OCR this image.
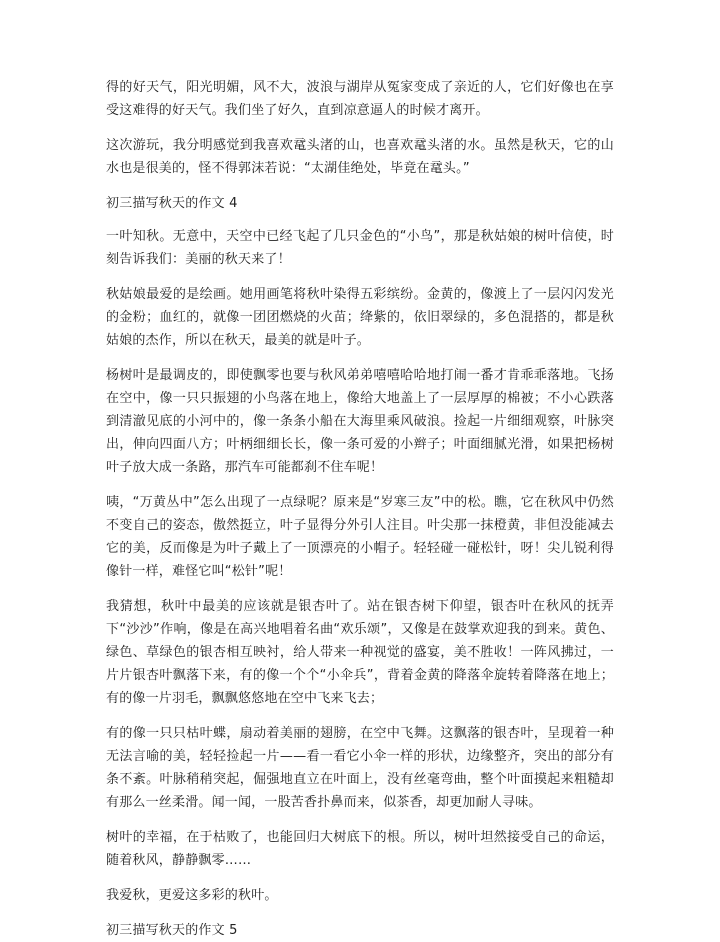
得的好天气，阳光明媚，风不大，波浪与湖岸从冤家变成了亲近的人，它们好像也在享受这难得的好天气。我们坐了好久，直到凉意逼人的时候才离开。

这次游玩，我分明感觉到我喜欢鼋头渚的山，也喜欢鼋头渚的水。虽然是秋天，它的山水也是很美的，怪不得郭沫若说：“太湖佳绝处，毕竟在鼋头。”

初三描写秋天的作文 4

一叶知秋。无意中，天空中已经飞起了几只金色的“小鸟”，那是秋姑娘的树叶信使，时刻告诉我们：美丽的秋天来了！

秋姑娘最爱的是绘画。她用画笔将秋叶染得五彩缤纷。金黄的，像渡上了一层闪闪发光的金粉；血红的，就像一团团燃烧的火苗；绛紫的，依旧翠绿的，多色混搭的，都是秋姑娘的杰作，所以在秋天，最美的就是叶子。

杨树叶是最调皮的，即使飘零也要与秋风弟弟嘻嘻哈哈地打闹一番才肯乖乖落地。飞扬在空中，像一只只振翅的小鸟落在地上，像给大地盖上了一层厚厚的棉被；不小心跌落到清澈见底的小河中的，像一条条小船在大海里乘风破浪。捡起一片细细观察，叶脉突出，伸向四面八方；叶柄细细长长，像一条可爱的小辫子；叶面细腻光滑，如果把杨树叶子放大成一条路，那汽车可能都刹不住车呢！

咦，“万黄丛中”怎么出现了一点绿呢？原来是“岁寒三友”中的松。瞧，它在秋风中仍然不变自己的姿态，傲然挺立，叶子显得分外引人注目。叶尖那一抹橙黄，非但没能减去它的美，反而像是为叶子戴上了一顶漂亮的小帽子。轻轻碰一碰松针，呀！尖儿锐利得像针一样，难怪它叫“松针”呢！

我猜想，秋叶中最美的应该就是银杏叶了。站在银杏树下仰望，银杏叶在秋风的抚弄下“沙沙”作响，像是在高兴地唱着名曲“欢乐颂”，又像是在鼓掌欢迎我的到来。黄色、绿色、草绿色的银杏相互映衬，给人带来一种视觉的盛宴，美不胜收！一阵风拂过，一片片银杏叶飘落下来，有的像一个个“小伞兵”，背着金黄的降落伞旋转着降落在地上；有的像一片羽毛，飘飘悠悠地在空中飞来飞去；

有的像一只只枯叶蝶，扇动着美丽的翅膀，在空中飞舞。这飘落的银杏叶，呈现着一种无法言喻的美，轻轻捡起一片——看一看它小伞一样的形状，边缘整齐，突出的部分有条不紊。叶脉稍稍突起，倔强地直立在叶面上，没有丝毫弯曲，整个叶面摸起来粗糙却有那么一丝柔滑。闻一闻，一股苦香扑鼻而来，似茶香，却更加耐人寻味。

树叶的幸福，在于枯败了，也能回归大树底下的根。所以，树叶坦然接受自己的命运，随着秋风，静静飘零……

我爱秋，更爱这多彩的秋叶。

初三描写秋天的作文 5
